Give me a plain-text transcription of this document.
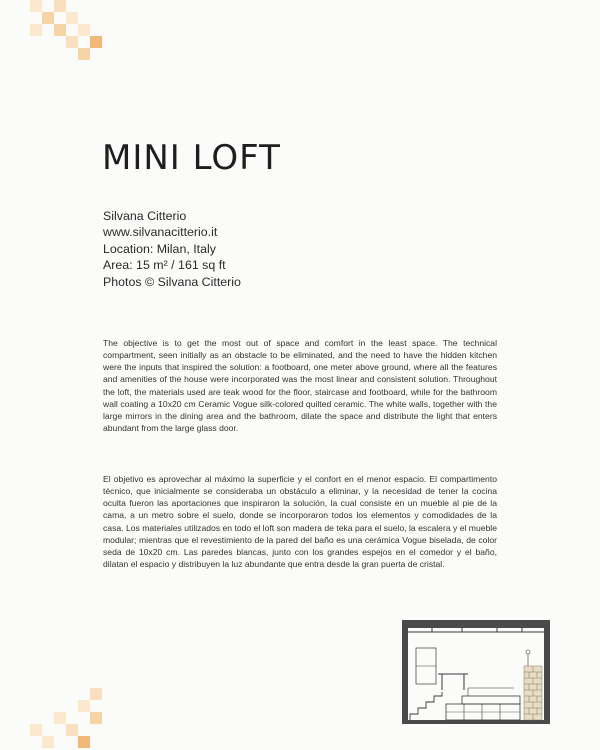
MINI LOFT
Silvana Citterio
www.silvanacitterio.it
Location: Milan, Italy
Area: 15 m² / 161 sq ft
Photos © Silvana Citterio

The objective is to get the most out of space and comfort in the least space. The technical compartment, seen initially as an obstacle to be eliminated, and the need to have the hidden kitchen were the inputs that inspired the solution: a footboard, one meter above ground, where all the features and amenities of the house were incorporated was the most linear and consistent solution. Throughout the loft, the materials used are teak wood for the floor, staircase and footboard, while for the bathroom wall coating a 10x20 cm Ceramic Vogue silk-colored quilted ceramic. The white walls, together with the large mirrors in the dining area and the bathroom, dilate the space and distribute the light that enters abundant from the large glass door.

El objetivo es aprovechar al máximo la superficie y el confort en el menor espacio. El compartimento técnico, que inicialmente se consideraba un obstáculo a eliminar, y la necesidad de tener la cocina oculta fueron las aportaciones que inspiraron la solución, la cual consiste en un mueble al pie de la cama, a un metro sobre el suelo, donde se incorporaron todos los elementos y comodidades de la casa. Los materiales utilizados en todo el loft son madera de teka para el suelo, la escalera y el mueble modular; mientras que el revestimiento de la pared del baño es una cerámica Vogue biselada, de color seda de 10x20 cm. Las paredes blancas, junto con los grandes espejos en el comedor y el baño, dilatan el espacio y distribuyen la luz abundante que entra desde la gran puerta de cristal.
